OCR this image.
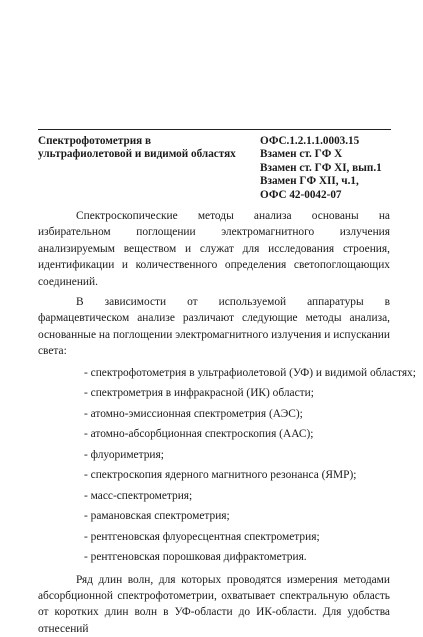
Спектрофотометрия в
ультрафиолетовой и видимой областях
ОФС.1.2.1.1.0003.15
Взамен ст. ГФ X
Взамен ст. ГФ XI, вып.1
Взамен ГФ XII, ч.1,
ОФС 42-0042-07

Спектроскопические методы анализа основаны на избирательном поглощении электромагнитного излучения анализируемым веществом и служат для исследования строения, идентификации и количественного определения светопоглощающих соединений.

В зависимости от используемой аппаратуры в фармацевтическом анализе различают следующие методы анализа, основанные на поглощении электромагнитного излучения и испускании света:

- спектрофотометрия в ультрафиолетовой (УФ) и видимой областях;
- спектрометрия в инфракрасной (ИК) области;
- атомно-эмиссионная спектрометрия (АЭС);
- атомно-абсорбционная спектроскопия (ААС);
- флуориметрия;
- спектроскопия ядерного магнитного резонанса (ЯМР);
- масс-спектрометрия;
- рамановская спектрометрия;
- рентгеновская флуоресцентная спектрометрия;
- рентгеновская порошковая дифрактометрия.

Ряд длин волн, для которых проводятся измерения методами абсорбционной спектрофотометрии, охватывает спектральную область от коротких длин волн в УФ-области до ИК-области. Для удобства отнесений
